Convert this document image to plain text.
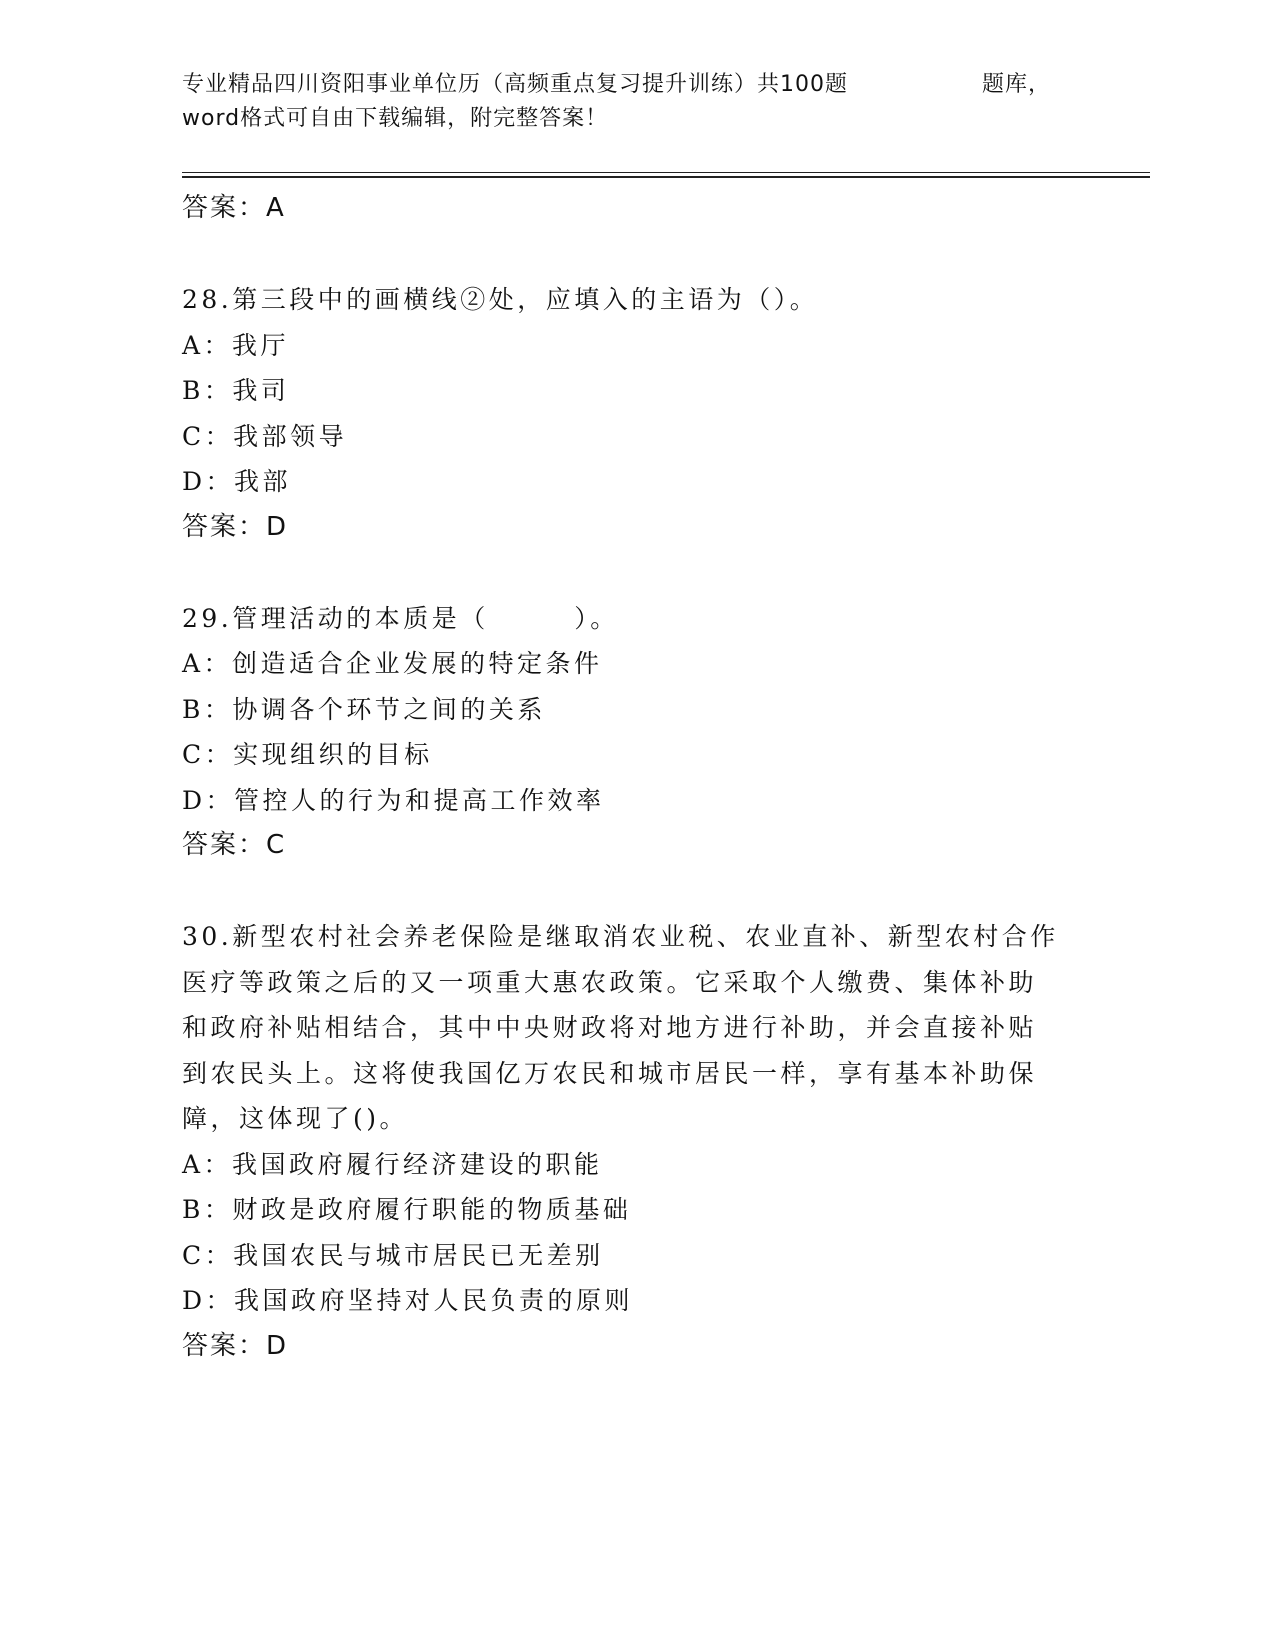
专业精品四川资阳事业单位历（高频重点复习提升训练）共100题	题库，
word格式可自由下载编辑，附完整答案！
答案：A
28.第三段中的画横线②处，应填入的主语为（）。
A：我厅
B：我司
C：我部领导
D：我部
答案：D
29.管理活动的本质是（　　　）。
A：创造适合企业发展的特定条件
B：协调各个环节之间的关系
C：实现组织的目标
D：管控人的行为和提高工作效率
答案：C
30.新型农村社会养老保险是继取消农业税、农业直补、新型农村合作
医疗等政策之后的又一项重大惠农政策。它采取个人缴费、集体补助
和政府补贴相结合，其中中央财政将对地方进行补助，并会直接补贴
到农民头上。这将使我国亿万农民和城市居民一样，享有基本补助保
障，这体现了()。
A：我国政府履行经济建设的职能
B：财政是政府履行职能的物质基础
C：我国农民与城市居民已无差别
D：我国政府坚持对人民负责的原则
答案：D
